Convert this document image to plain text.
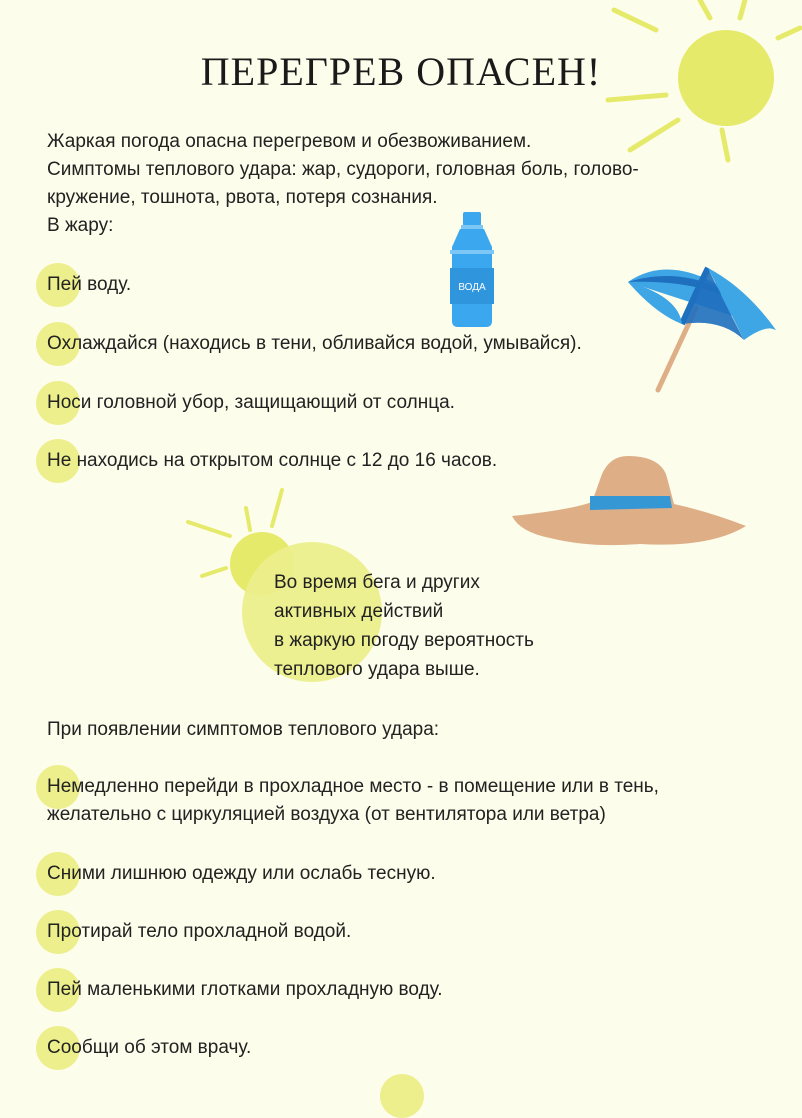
ПЕРЕГРЕВ ОПАСЕН!
Жаркая погода опасна перегревом и обезвоживанием.
Симптомы теплового удара: жар, судороги, головная боль, голово-
кружение, тошнота, рвота, потеря сознания.
В жару:
ВОДА
Пей воду.
Охлаждайся (находись в тени, обливайся водой, умывайся).
Носи головной убор, защищающий от солнца.
Не находись на открытом солнце с 12 до 16 часов.
Во время бега и других
активных действий
в жаркую погоду вероятность
теплового удара выше.
При появлении симптомов теплового удара:
Немедленно перейди в прохладное место - в помещение или в тень,
желательно с циркуляцией воздуха (от вентилятора или ветра)
Сними лишнюю одежду или ослабь тесную.
Протирай тело прохладной водой.
Пей маленькими глотками прохладную воду.
Сообщи об этом врачу.
